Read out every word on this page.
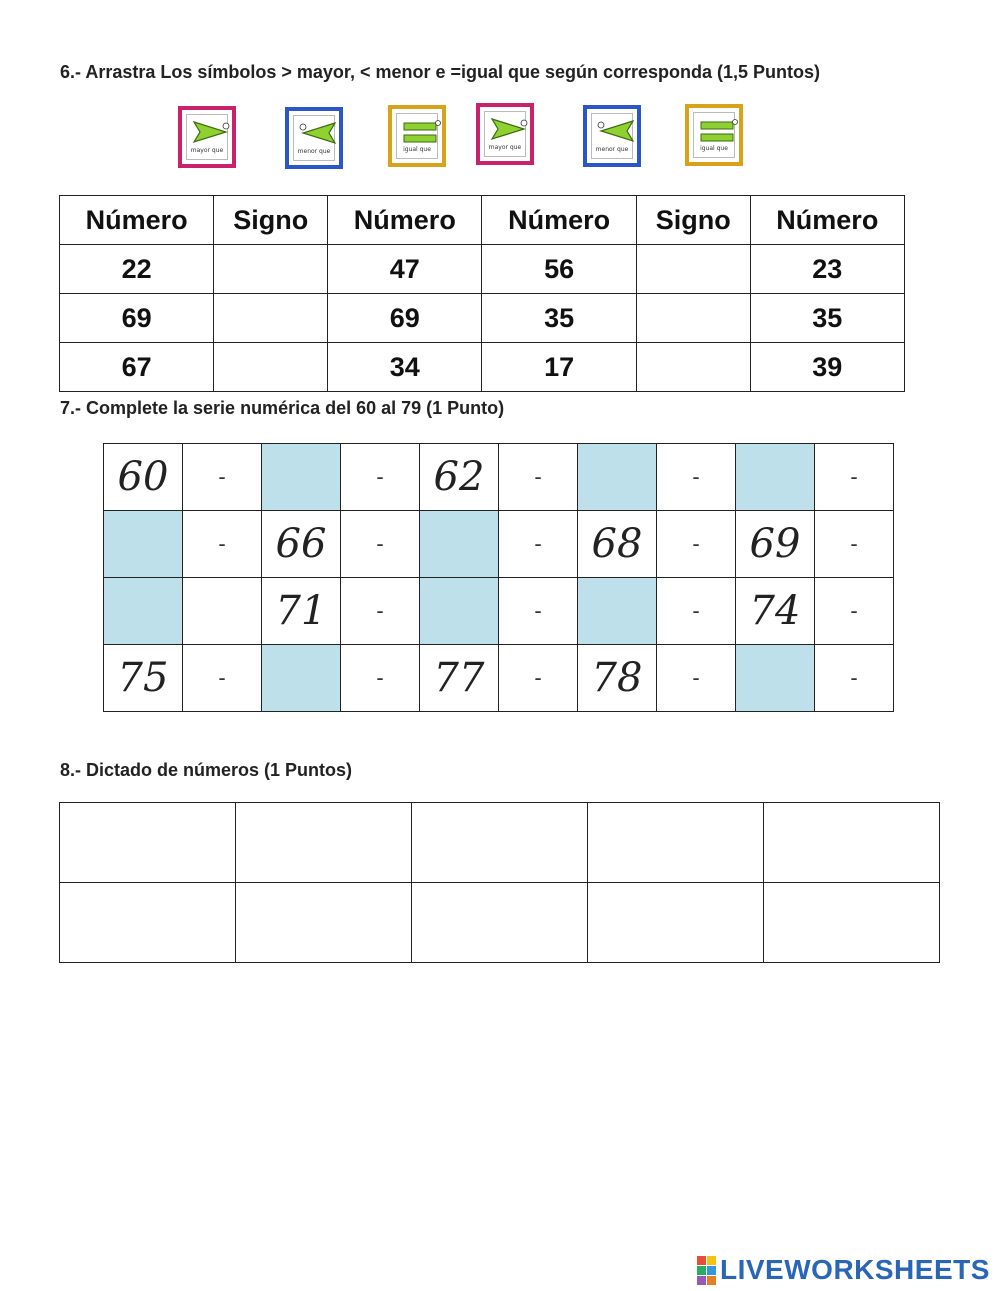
6.- Arrastra Los símbolos > mayor, < menor e =igual que según corresponda (1,5 Puntos)
mayor que	menor que	igual que	mayor que	menor que	igual que
Número	Signo	Número	Número	Signo	Número
22		47	56		23
69		69	35		35
67		34	17		39
7.- Complete la serie numérica del 60 al 79 (1 Punto)
60	-		-	62	-		-		-
	-	66	-		-	68	-	69	-
		71	-		-		-	74	-
75	-		-	77	-	78	-		-
8.- Dictado de números (1 Puntos)

LIVEWORKSHEETS
